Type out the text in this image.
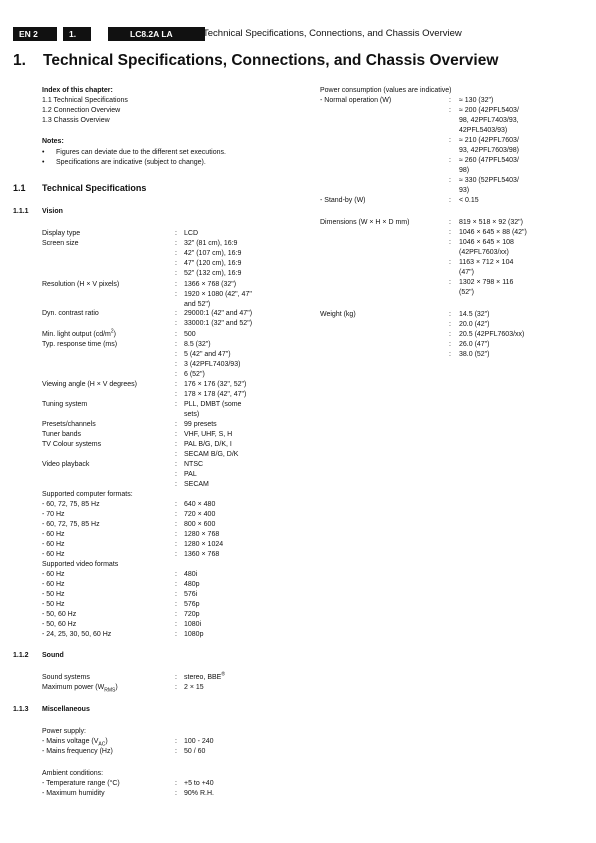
EN 2	1.	LC8.2A LA	Technical Specifications, Connections, and Chassis Overview
1. Technical Specifications, Connections, and Chassis Overview
Index of this chapter:
1.1 Technical Specifications
1.2 Connection Overview
1.3 Chassis Overview
Notes:
• Figures can deviate due to the different set executions.
• Specifications are indicative (subject to change).
1.1 Technical Specifications
1.1.1 Vision
Display type	: LCD
Screen size	: 32" (81 cm), 16:9
: 42" (107 cm), 16:9
: 47" (120 cm), 16:9
: 52" (132 cm), 16:9
Resolution (H × V pixels)	: 1366 × 768 (32")
: 1920 × 1080 (42", 47"
and 52")
Dyn. contrast ratio	: 29000:1 (42" and 47")
: 33000:1 (32" and 52")
Min. light output $(cd/m^2)$	: 500
Typ. response time (ms)	: 8.5 (32")
: 5 (42" and 47")
: 3 (42PFL7403/93)
: 6 (52")
Viewing angle (H × V degrees)	: 176 × 176 (32", 52")
: 178 × 178 (42", 47")
Tuning system	: PLL, DMBT (some
sets)
Presets/channels	: 99 presets
Tuner bands	: VHF, UHF, S, H
TV Colour systems	: PAL B/G, D/K, I
: SECAM B/G, D/K
Video playback	: NTSC
: PAL
: SECAM
Supported computer formats:
- 60, 72, 75, 85 Hz	: 640 × 480
- 70 Hz	: 720 × 400
- 60, 72, 75, 85 Hz	: 800 × 600
- 60 Hz	: 1280 × 768
- 60 Hz	: 1280 × 1024
- 60 Hz	: 1360 × 768
Supported video formats
- 60 Hz	: 480i
- 60 Hz	: 480p
- 50 Hz	: 576i
- 50 Hz	: 576p
- 50, 60 Hz	: 720p
- 50, 60 Hz	: 1080i
- 24, 25, 30, 50, 60 Hz	: 1080p
1.1.2 Sound
Sound systems	: stereo, BBE®
Maximum power $(W_{RMS})$	: 2 × 15
1.1.3 Miscellaneous
Power supply:
- Mains voltage $(V_{AC})$	: 100 - 240
- Mains frequency (Hz)	: 50 / 60
Ambient conditions:
- Temperature range (°C)	: +5 to +40
- Maximum humidity	: 90% R.H.
Power consumption (values are indicative)
- Normal operation (W)	: ≈ 130 (32")
: ≈ 200 (42PFL5403/
98, 42PFL7403/93,
42PFL5403/93)
: ≈ 210 (42PFL7603/
93, 42PFL7603/98)
: ≈ 260 (47PFL5403/
98)
: ≈ 330 (52PFL5403/
93)
- Stand-by (W)	: < 0.15
Dimensions (W × H × D mm)	: 819 × 518 × 92 (32")
: 1046 × 645 × 88 (42")
: 1046 × 645 × 108
(42PFL7603/xx)
: 1163 × 712 × 104
(47")
: 1302 × 798 × 116
(52")
Weight (kg)	: 14.5 (32")
: 20.0 (42")
: 20.5 (42PFL7603/xx)
: 26.0 (47")
: 38.0 (52")
